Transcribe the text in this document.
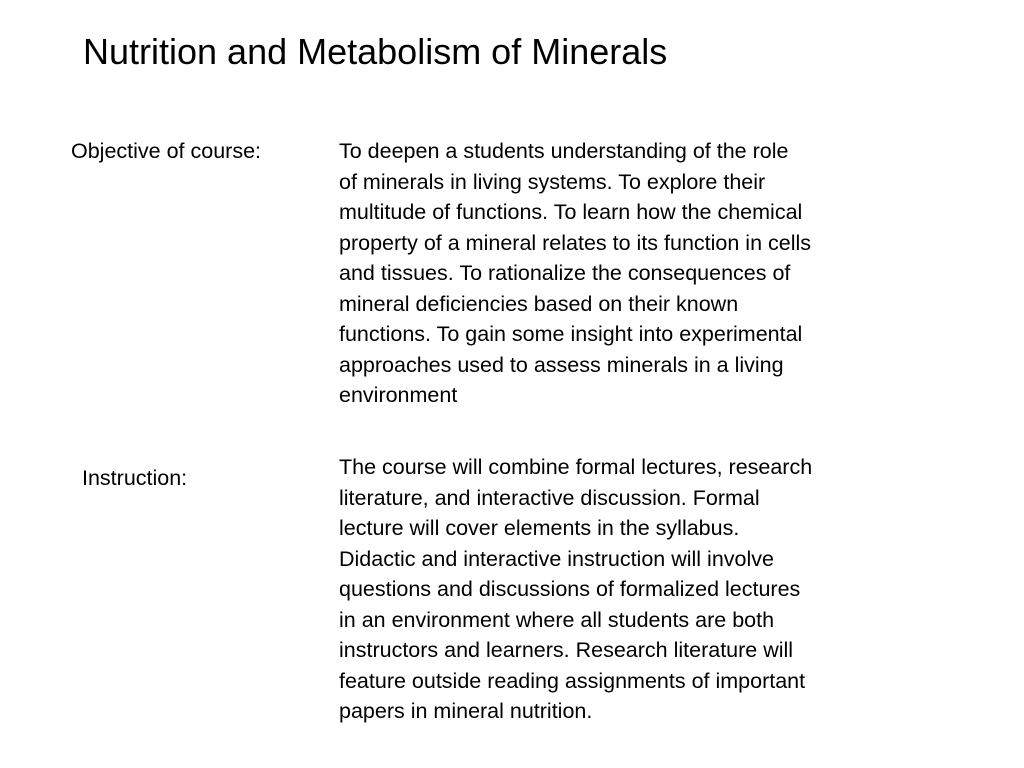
Nutrition and Metabolism of Minerals
Objective of course:	To deepen a students understanding of the role
of minerals in living systems. To explore their
multitude of functions. To learn how the chemical
property of a mineral relates to its function in cells
and tissues. To rationalize the consequences of
mineral deficiencies based on their known
functions. To gain some insight into experimental
approaches used to assess minerals in a living
environment
Instruction:	The course will combine formal lectures, research
literature, and interactive discussion. Formal
lecture will cover elements in the syllabus.
Didactic and interactive instruction will involve
questions and discussions of formalized lectures
in an environment where all students are both
instructors and learners. Research literature will
feature outside reading assignments of important
papers in mineral nutrition.
